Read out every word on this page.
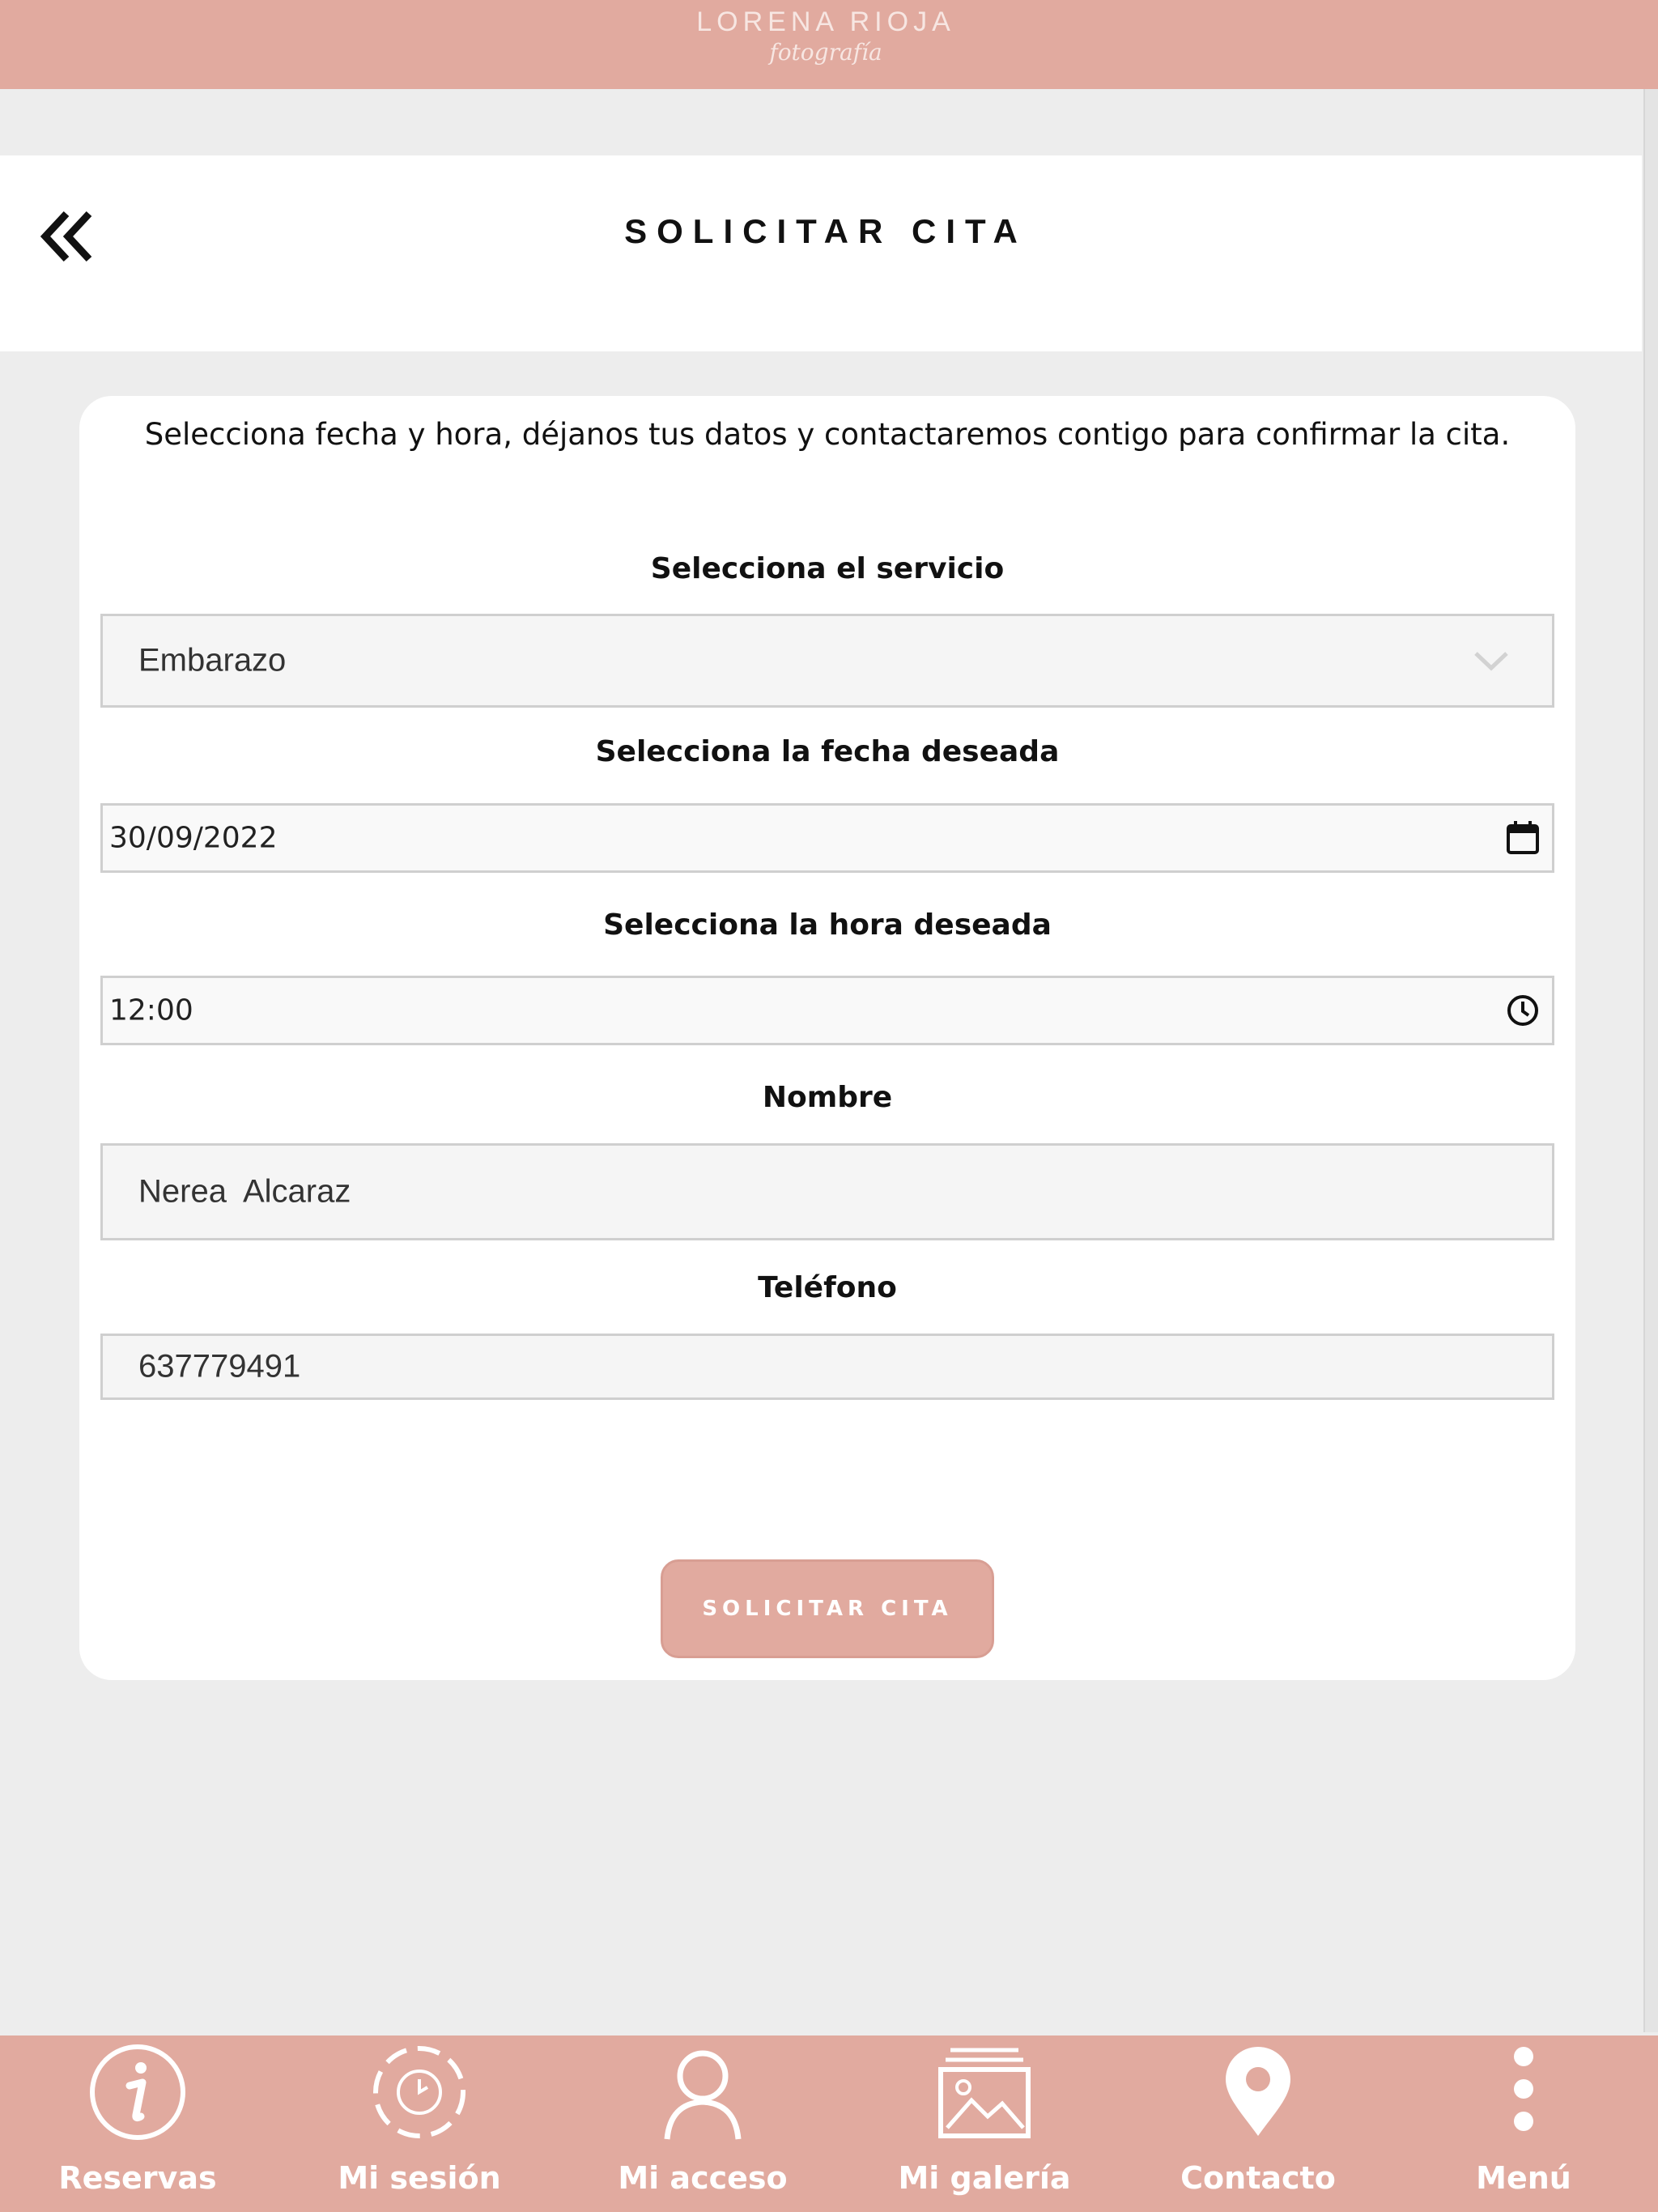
LORENA RIOJA
fotografía
SOLICITAR CITA
Selecciona fecha y hora, déjanos tus datos y contactaremos contigo para confirmar la cita.
Selecciona el servicio
Embarazo
Selecciona la fecha deseada
30/09/2022
Selecciona la hora deseada
12:00
Nombre
Nerea  Alcaraz
Teléfono
637779491
SOLICITAR CITA
Reservas	Mi sesión	Mi acceso	Mi galería	Contacto	Menú
